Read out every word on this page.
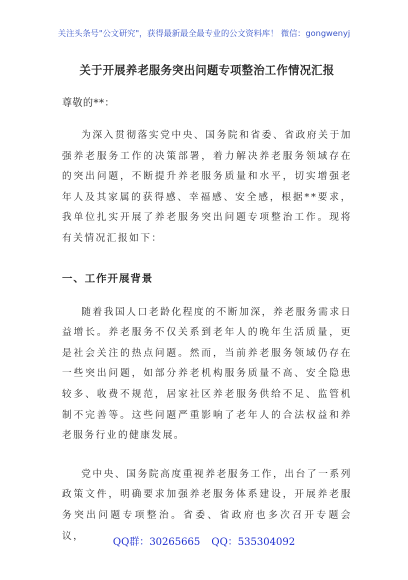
关注头条号"公文研究"，获得最新最全最专业的公文资料库！ 微信：gongwenyj
关于开展养老服务突出问题专项整治工作情况汇报
尊敬的**：

为深入贯彻落实党中央、国务院和省委、省政府关于加强养老服务工作的决策部署，着力解决养老服务领域存在的突出问题，不断提升养老服务质量和水平，切实增强老年人及其家属的获得感、幸福感、安全感，根据**要求，我单位扎实开展了养老服务突出问题专项整治工作。现将有关情况汇报如下：

一、工作开展背景

随着我国人口老龄化程度的不断加深，养老服务需求日益增长。养老服务不仅关系到老年人的晚年生活质量，更是社会关注的热点问题。然而，当前养老服务领域仍存在一些突出问题，如部分养老机构服务质量不高、安全隐患较多、收费不规范，居家社区养老服务供给不足、监管机制不完善等。这些问题严重影响了老年人的合法权益和养老服务行业的健康发展。

党中央、国务院高度重视养老服务工作，出台了一系列政策文件，明确要求加强养老服务体系建设，开展养老服务突出问题专项整治。省委、省政府也多次召开专题会议，

QQ群：30265665 QQ：535304092
